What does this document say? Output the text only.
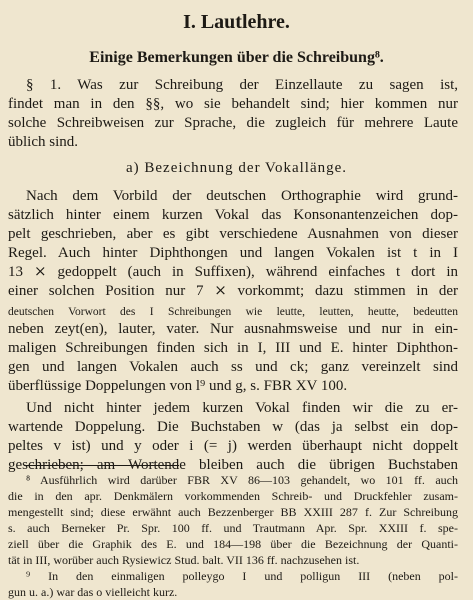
I. Lautlehre.
Einige Bemerkungen über die Schreibung⁸.
§ 1. Was zur Schreibung der Einzellaute zu sagen ist,
findet man in den §§, wo sie behandelt sind; hier kommen nur
solche Schreibweisen zur Sprache, die zugleich für mehrere Laute
üblich sind.
a) Bezeichnung der Vokallänge.
Nach dem Vorbild der deutschen Orthographie wird grund-
sätzlich hinter einem kurzen Vokal das Konsonantenzeichen dop-
pelt geschrieben, aber es gibt verschiedene Ausnahmen von dieser
Regel. Auch hinter Diphthongen und langen Vokalen ist t in I
13 ⨯ gedoppelt (auch in Suffixen), während einfaches t dort in
einer solchen Position nur 7 ⨯ vorkommt; dazu stimmen in der
deutschen Vorwort des I Schreibungen wie leutte, leutten, heutte, bedeutten
neben zeyt(en), lauter, vater. Nur ausnahmsweise und nur in ein-
maligen Schreibungen finden sich in I, III und E. hinter Diphthon-
gen und langen Vokalen auch ss und ck; ganz vereinzelt sind
überflüssige Doppelungen von l⁹ und g, s. FBR XV 100.
Und nicht hinter jedem kurzen Vokal finden wir die zu er-
wartende Doppelung. Die Buchstaben w (das ja selbst ein dop-
peltes v ist) und y oder i (= j) werden überhaupt nicht doppelt
geschrieben; am Wortende bleiben auch die übrigen Buchstaben
⁸ Ausführlich wird darüber FBR XV 86—103 gehandelt, wo 101 ff. auch
die in den apr. Denkmälern vorkommenden Schreib- und Druckfehler zusam-
mengestellt sind; diese erwähnt auch Bezzenberger BB XXIII 287 f. Zur Schreibung
s. auch Berneker Pr. Spr. 100 ff. und Trautmann Apr. Spr. XXIII f. spe-
ziell über die Graphik des E. und 184—198 über die Bezeichnung der Quanti-
tät in III, worüber auch Rysiewicz Stud. balt. VII 136 ff. nachzusehen ist.
⁹ In den einmaligen polleygo I und polligun III (neben pol-
gun u. a.) war das o vielleicht kurz.
